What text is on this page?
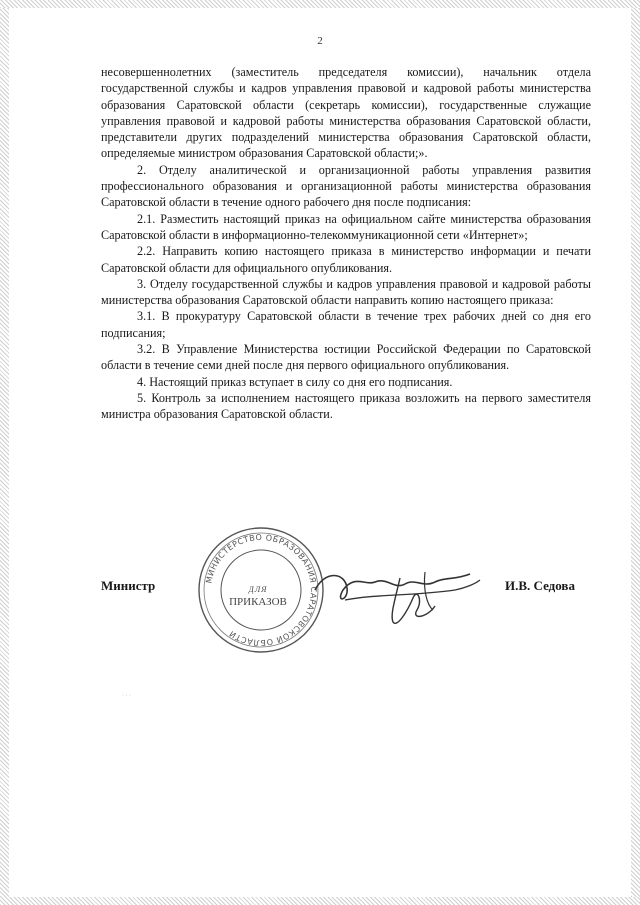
2

несовершеннолетних (заместитель председателя комиссии), начальник отдела государственной службы и кадров управления правовой и кадровой работы министерства образования Саратовской области (секретарь комиссии), государственные служащие управления правовой и кадровой работы министерства образования Саратовской области, представители других подразделений министерства образования Саратовской области, определяемые министром образования Саратовской области;».

2. Отделу аналитической и организационной работы управления развития профессионального образования и организационной работы министерства образования Саратовской области в течение одного рабочего дня после подписания:

2.1. Разместить настоящий приказ на официальном сайте министерства образования Саратовской области в информационно-телекоммуникационной сети «Интернет»;

2.2. Направить копию настоящего приказа в министерство информации и печати Саратовской области для официального опубликования.

3. Отделу государственной службы и кадров управления правовой и кадровой работы министерства образования Саратовской области направить копию настоящего приказа:

3.1. В прокуратуру Саратовской области в течение трех рабочих дней со дня его подписания;

3.2. В Управление Министерства юстиции Российской Федерации по Саратовской области в течение семи дней после дня первого официального опубликования.

4. Настоящий приказ вступает в силу со дня его подписания.

5. Контроль за исполнением настоящего приказа возложить на первого заместителя министра образования Саратовской области.

Министр	МИНИСТЕРСТВО ОБРАЗОВАНИЯ САРАТОВСКОЙ ОБЛАСТИ
ДЛЯ
ПРИКАЗОВ
И.В. Седова
· · ·
